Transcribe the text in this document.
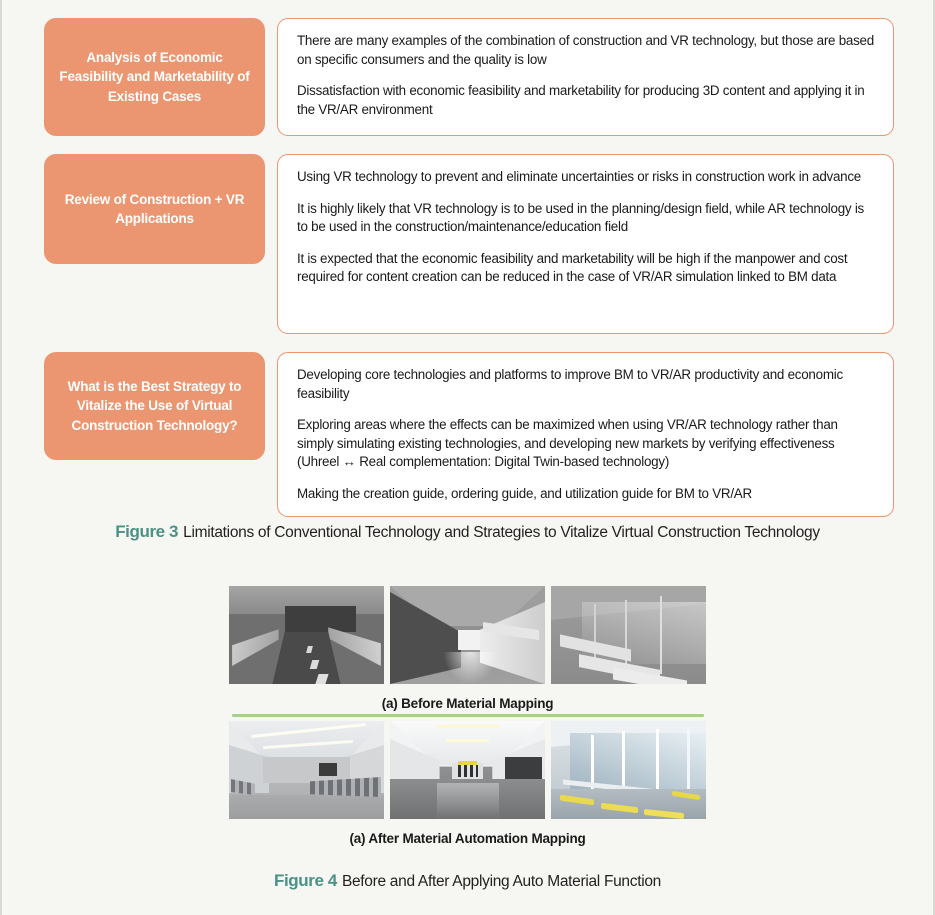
Analysis of Economic Feasibility and Marketability of Existing Cases
There are many examples of the combination of construction and VR technology, but those are based on specific consumers and the quality is low
Dissatisfaction with economic feasibility and marketability for producing 3D content and applying it in the VR/AR environment
Review of Construction + VR Applications
Using VR technology to prevent and eliminate uncertainties or risks in construction work in advance
It is highly likely that VR technology is to be used in the planning/design field, while AR technology is to be used in the construction/maintenance/education field
It is expected that the economic feasibility and marketability will be high if the manpower and cost required for content creation can be reduced in the case of VR/AR simulation linked to BM data
What is the Best Strategy to Vitalize the Use of Virtual Construction Technology?
Developing core technologies and platforms to improve BM to VR/AR productivity and economic feasibility
Exploring areas where the effects can be maximized when using VR/AR technology rather than simply simulating existing technologies, and developing new markets by verifying effectiveness (Uhreel ↔ Real complementation: Digital Twin-based technology)
Making the creation guide, ordering guide, and utilization guide for BM to VR/AR
Figure 3 Limitations of Conventional Technology and Strategies to Vitalize Virtual Construction Technology
(a) Before Material Mapping
(a) After Material Automation Mapping
Figure 4 Before and After Applying Auto Material Function
